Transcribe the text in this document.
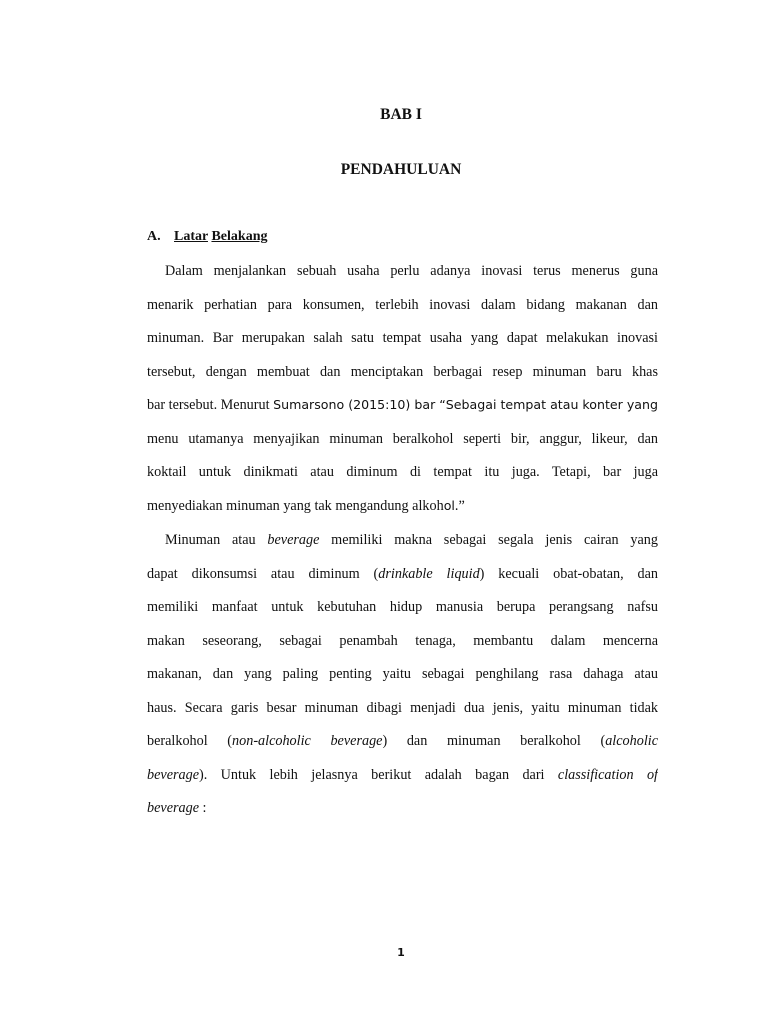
BAB I
PENDAHULUAN
A. Latar Belakang
Dalam menjalankan sebuah usaha perlu adanya inovasi terus menerus guna
menarik perhatian para konsumen, terlebih inovasi dalam bidang makanan dan
minuman. Bar merupakan salah satu tempat usaha yang dapat melakukan inovasi
tersebut, dengan membuat dan menciptakan berbagai resep minuman baru khas
bar tersebut. Menurut Sumarsono (2015:10) bar “Sebagai tempat atau konter yang
menu utamanya menyajikan minuman beralkohol seperti bir, anggur, likeur, dan
koktail untuk dinikmati atau diminum di tempat itu juga. Tetapi, bar juga
menyediakan minuman yang tak mengandung alkohol.”
Minuman atau beverage memiliki makna sebagai segala jenis cairan yang
dapat dikonsumsi atau diminum (drinkable liquid) kecuali obat-obatan, dan
memiliki manfaat untuk kebutuhan hidup manusia berupa perangsang nafsu
makan seseorang, sebagai penambah tenaga, membantu dalam mencerna
makanan, dan yang paling penting yaitu sebagai penghilang rasa dahaga atau
haus. Secara garis besar minuman dibagi menjadi dua jenis, yaitu minuman tidak
beralkohol (non-alcoholic beverage) dan minuman beralkohol (alcoholic
beverage). Untuk lebih jelasnya berikut adalah bagan dari classification of
beverage :
1
